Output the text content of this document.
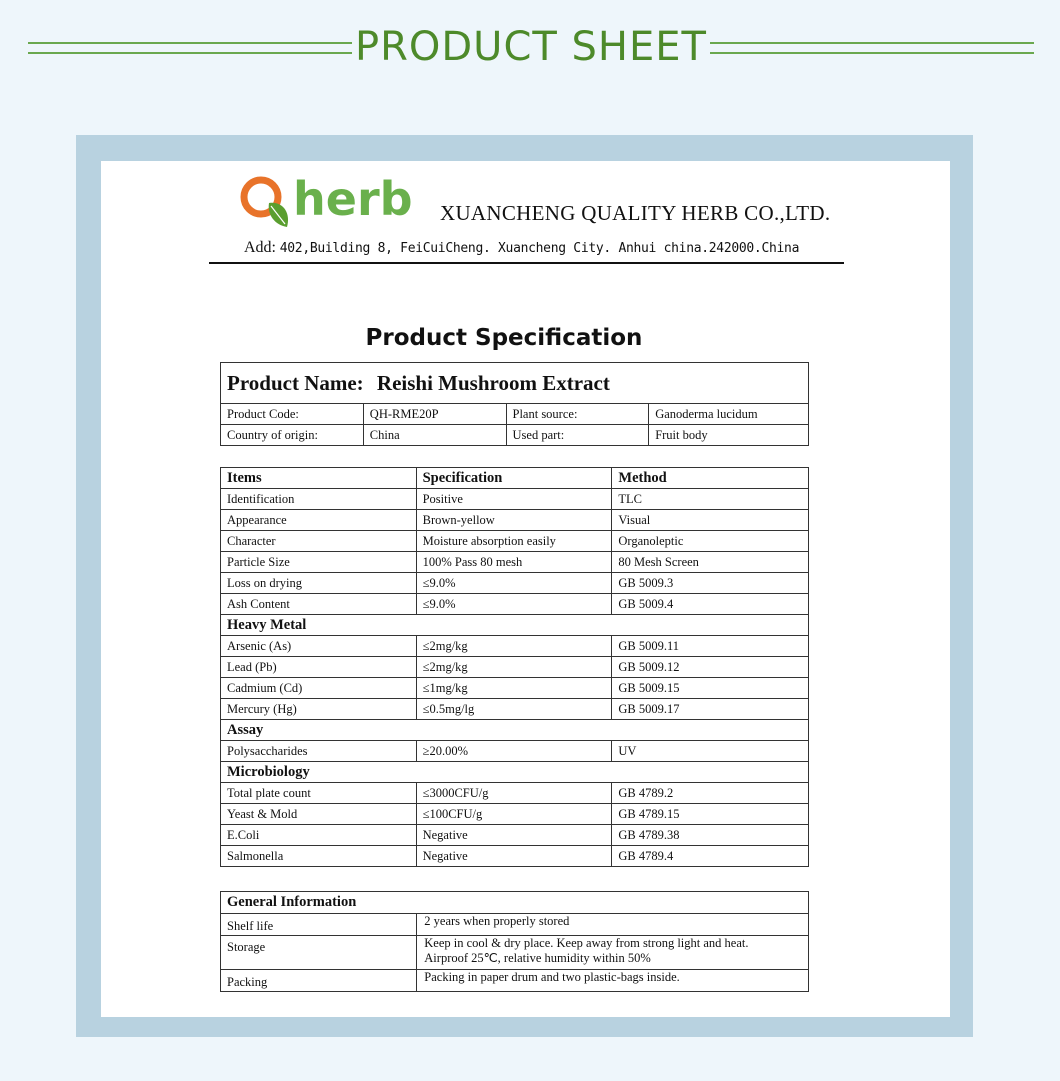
PRODUCT SHEET
herb XUANCHENG QUALITY HERB CO.,LTD.
Add: 402,Building 8, FeiCuiCheng. Xuancheng City. Anhui china.242000.China
Product Specification
Product Name: Reishi Mushroom Extract			
Product Code:	QH-RME20P	Plant source:	Ganoderma lucidum
Country of origin:	China	Used part:	Fruit body
Items	Specification	Method
Identification	Positive	TLC
Appearance	Brown-yellow	Visual
Character	Moisture absorption easily	Organoleptic
Particle Size	100% Pass 80 mesh	80 Mesh Screen
Loss on drying	≤9.0%	GB 5009.3
Ash Content	≤9.0%	GB 5009.4
Heavy Metal		
Arsenic (As)	≤2mg/kg	GB 5009.11
Lead (Pb)	≤2mg/kg	GB 5009.12
Cadmium (Cd)	≤1mg/kg	GB 5009.15
Mercury (Hg)	≤0.5mg/lg	GB 5009.17
Assay		
Polysaccharides	≥20.00%	UV
Microbiology		
Total plate count	≤3000CFU/g	GB 4789.2
Yeast & Mold	≤100CFU/g	GB 4789.15
E.Coli	Negative	GB 4789.38
Salmonella	Negative	GB 4789.4
General Information	
Shelf life	2 years when properly stored
Storage	Keep in cool & dry place. Keep away from strong light and heat.
Airproof 25℃, relative humidity within 50%

Packing	Packing in paper drum and two plastic-bags inside.
